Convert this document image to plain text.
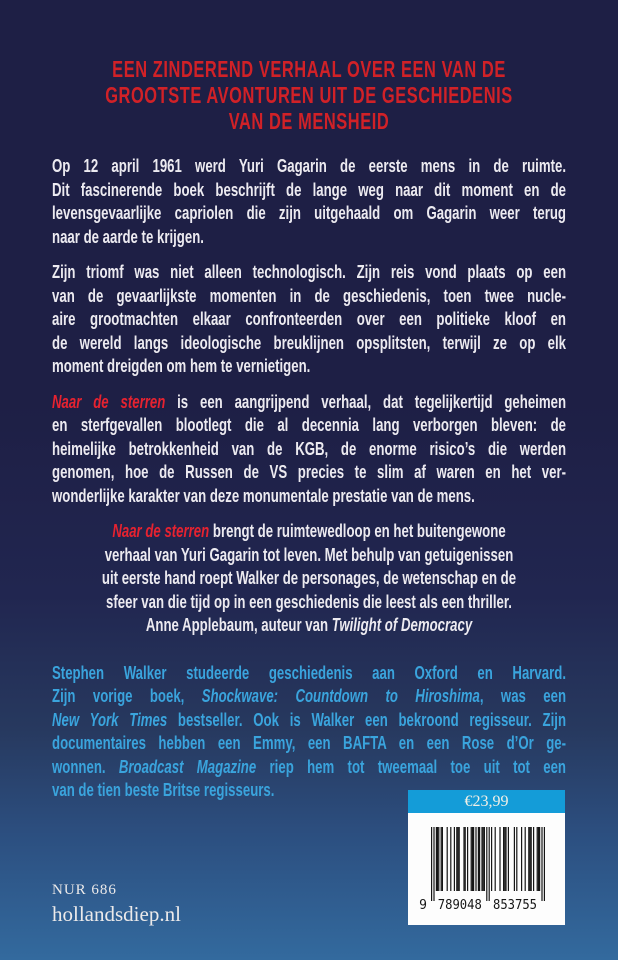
EEN ZINDEREND VERHAAL OVER EEN VAN DE
GROOTSTE AVONTUREN UIT DE GESCHIEDENIS
VAN DE MENSHEID
Op 12 april 1961 werd Yuri Gagarin de eerste mens in de ruimte.
Dit fascinerende boek beschrijft de lange weg naar dit moment en de
levensgevaarlijke capriolen die zijn uitgehaald om Gagarin weer terug
naar de aarde te krijgen.
Zijn triomf was niet alleen technologisch. Zijn reis vond plaats op een
van de gevaarlijkste momenten in de geschiedenis, toen twee nucle-
aire grootmachten elkaar confronteerden over een politieke kloof en
de wereld langs ideologische breuklijnen opsplitsten, terwijl ze op elk
moment dreigden om hem te vernietigen.
Naar de sterren is een aangrijpend verhaal, dat tegelijkertijd geheimen
en sterfgevallen blootlegt die al decennia lang verborgen bleven: de
heimelijke betrokkenheid van de KGB, de enorme risico’s die werden
genomen, hoe de Russen de VS precies te slim af waren en het ver-
wonderlijke karakter van deze monumentale prestatie van de mens.
Naar de sterren brengt de ruimtewedloop en het buitengewone
verhaal van Yuri Gagarin tot leven. Met behulp van getuigenissen
uit eerste hand roept Walker de personages, de wetenschap en de
sfeer van die tijd op in een geschiedenis die leest als een thriller.
Anne Applebaum, auteur van Twilight of Democracy
Stephen Walker studeerde geschiedenis aan Oxford en Harvard.
Zijn vorige boek, Shockwave: Countdown to Hiroshima, was een
New York Times bestseller. Ook is Walker een bekroond regisseur. Zijn
documentaires hebben een Emmy, een BAFTA en een Rose d’Or ge-
wonnen. Broadcast Magazine riep hem tot tweemaal toe uit tot een
van de tien beste Britse regisseurs.
€23,99
9 789048 853755
NUR 686
hollandsdiep.nl
